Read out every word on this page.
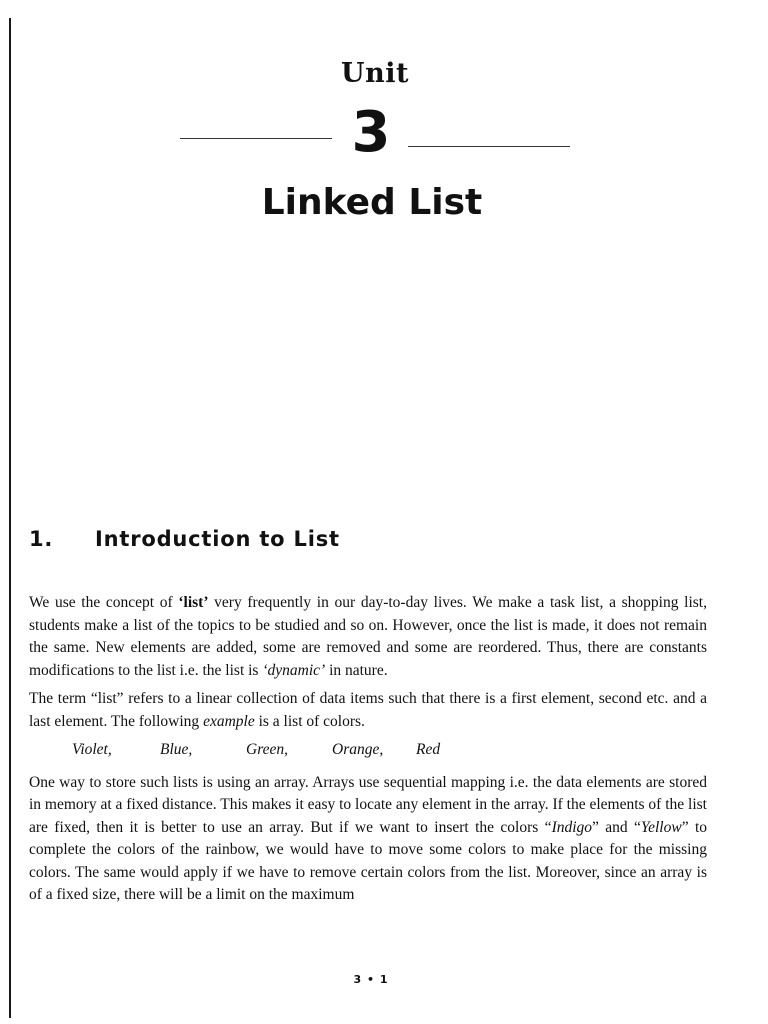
Unit
3
Linked List
1. Introduction to List

We use the concept of ‘list’ very frequently in our day-to-day lives. We make a task list, a shopping list, students make a list of the topics to be studied and so on. However, once the list is made, it does not remain the same. New elements are added, some are removed and some are reordered. Thus, there are constants modifications to the list i.e. the list is ‘dynamic’ in nature.

The term “list” refers to a linear collection of data items such that there is a first element, second etc. and a last element. The following example is a list of colors.

Violet,	Blue,	Green,	Orange, Red

One way to store such lists is using an array. Arrays use sequential mapping i.e. the data elements are stored in memory at a fixed distance. This makes it easy to locate any element in the array. If the elements of the list are fixed, then it is better to use an array. But if we want to insert the colors “Indigo” and “Yellow” to complete the colors of the rainbow, we would have to move some colors to make place for the missing colors. The same would apply if we have to remove certain colors from the list. Moreover, since an array is of a fixed size, there will be a limit on the maximum

3 • 1
